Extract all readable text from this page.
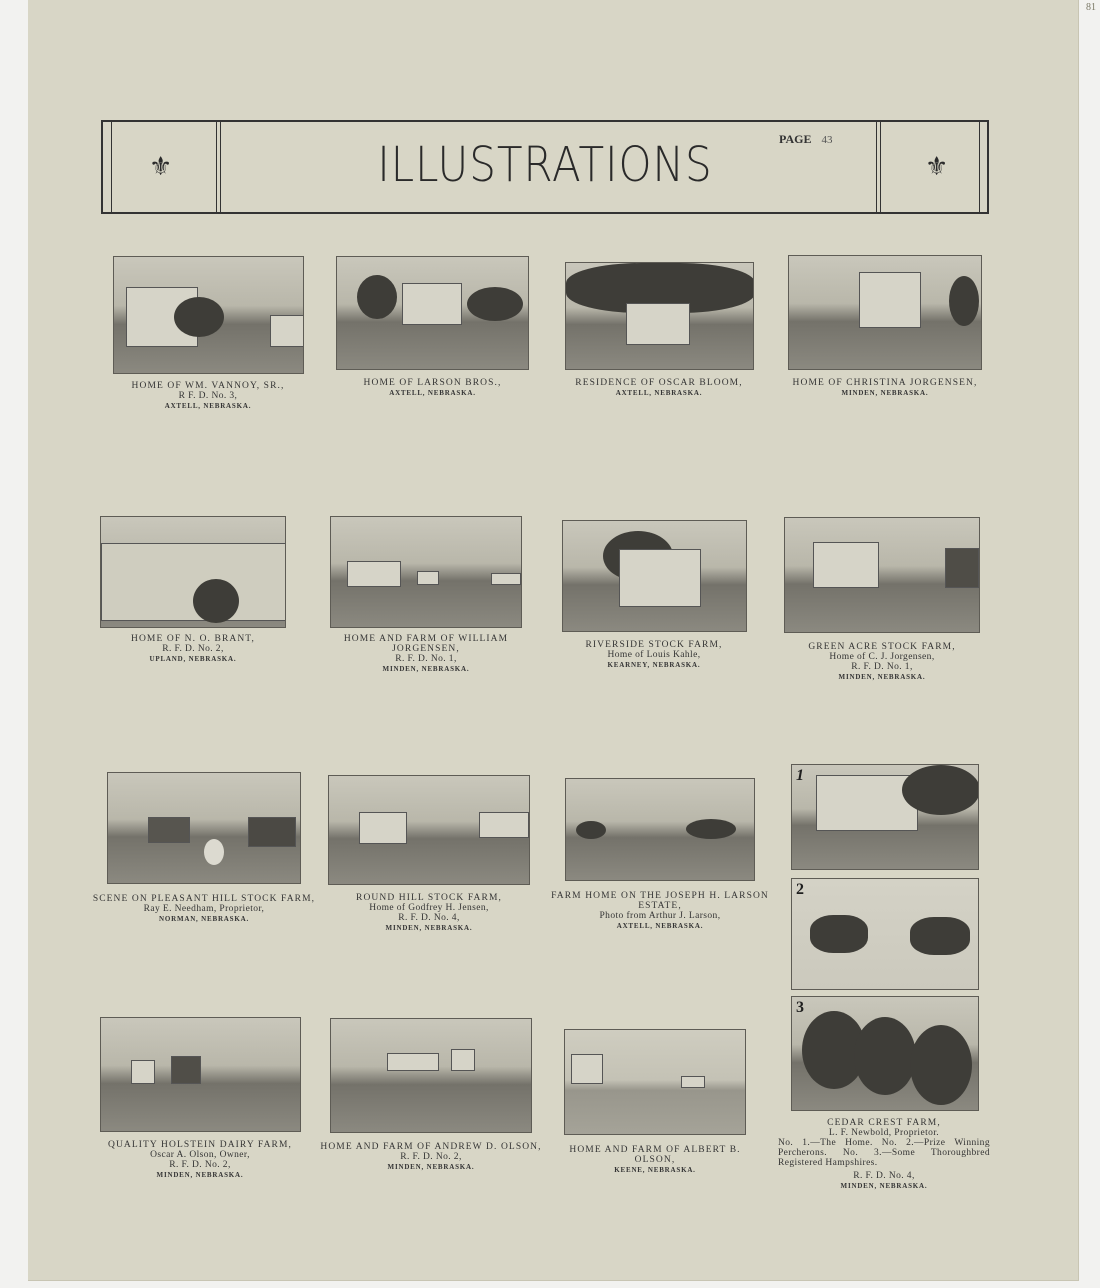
81
⚜	⚜
ILLUSTRATIONS	PAGE 43
HOME OF WM. VANNOY, SR.,
R F. D. No. 3,
AXTELL, NEBRASKA.
HOME OF LARSON BROS.,
AXTELL, NEBRASKA.
RESIDENCE OF OSCAR BLOOM,
AXTELL, NEBRASKA.
HOME OF CHRISTINA JORGENSEN,
MINDEN, NEBRASKA.
HOME OF N. O. BRANT,
R. F. D. No. 2,
UPLAND, NEBRASKA.
HOME AND FARM OF WILLIAM JORGENSEN,
R. F. D. No. 1,
MINDEN, NEBRASKA.
RIVERSIDE STOCK FARM,
Home of Louis Kahle,
KEARNEY, NEBRASKA.
GREEN ACRE STOCK FARM,
Home of C. J. Jorgensen,
R. F. D. No. 1,
MINDEN, NEBRASKA.
SCENE ON PLEASANT HILL STOCK FARM,
Ray E. Needham, Proprietor,
NORMAN, NEBRASKA.
ROUND HILL STOCK FARM,
Home of Godfrey H. Jensen,
R. F. D. No. 4,
MINDEN, NEBRASKA.
FARM HOME ON THE JOSEPH H. LARSON
ESTATE,
Photo from Arthur J. Larson,
AXTELL, NEBRASKA.
1
2
3
CEDAR CREST FARM,
L. F. Newbold, Proprietor.
No. 1.—The Home. No. 2.—Prize Winning Percherons. No. 3.—Some Thoroughbred Registered Hampshires.
R. F. D. No. 4,
MINDEN, NEBRASKA.
QUALITY HOLSTEIN DAIRY FARM,
Oscar A. Olson, Owner,
R. F. D. No. 2,
MINDEN, NEBRASKA.
HOME AND FARM OF ANDREW D. OLSON,
R. F. D. No. 2,
MINDEN, NEBRASKA.
HOME AND FARM OF ALBERT B. OLSON,
KEENE, NEBRASKA.
